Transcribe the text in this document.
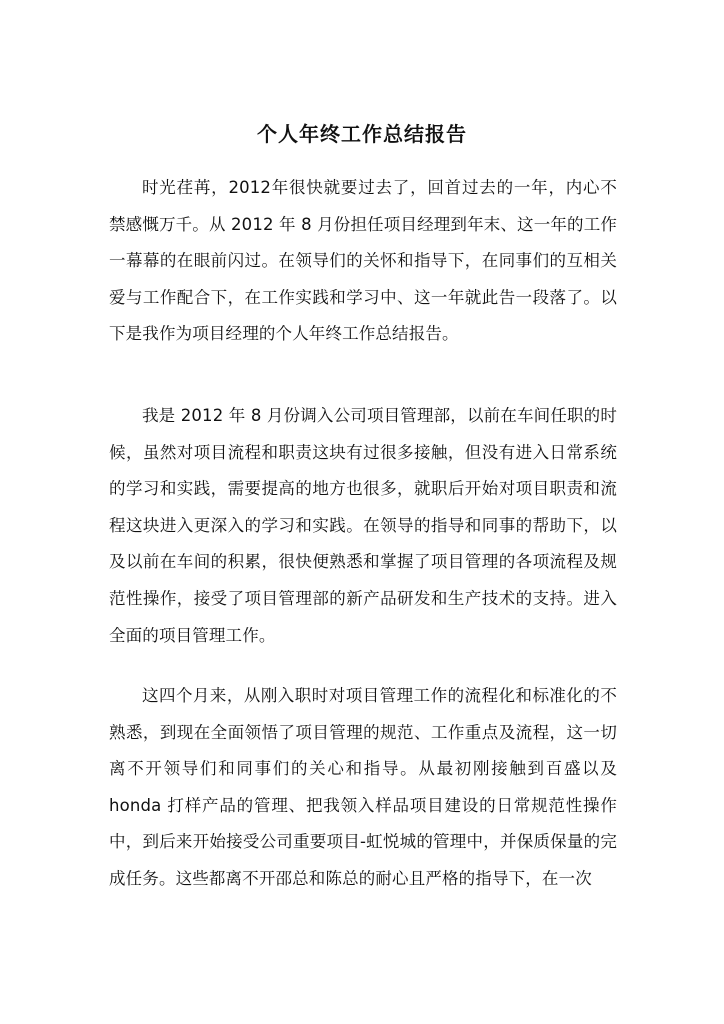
个人年终工作总结报告

时光荏苒，2012年很快就要过去了，回首过去的一年，内心不禁感慨万千。从 2012 年 8 月份担任项目经理到年末、这一年的工作一幕幕的在眼前闪过。在领导们的关怀和指导下，在同事们的互相关爱与工作配合下，在工作实践和学习中、这一年就此告一段落了。以下是我作为项目经理的个人年终工作总结报告。

我是 2012 年 8 月份调入公司项目管理部，以前在车间任职的时候，虽然对项目流程和职责这块有过很多接触，但没有进入日常系统的学习和实践，需要提高的地方也很多，就职后开始对项目职责和流程这块进入更深入的学习和实践。在领导的指导和同事的帮助下，以及以前在车间的积累，很快便熟悉和掌握了项目管理的各项流程及规范性操作，接受了项目管理部的新产品研发和生产技术的支持。进入全面的项目管理工作。

这四个月来，从刚入职时对项目管理工作的流程化和标准化的不熟悉，到现在全面领悟了项目管理的规范、工作重点及流程，这一切离不开领导们和同事们的关心和指导。从最初刚接触到百盛以及 honda 打样产品的管理、把我领入样品项目建设的日常规范性操作中，到后来开始接受公司重要项目-虹悦城的管理中，并保质保量的完成任务。这些都离不开邵总和陈总的耐心且严格的指导下，在一次
